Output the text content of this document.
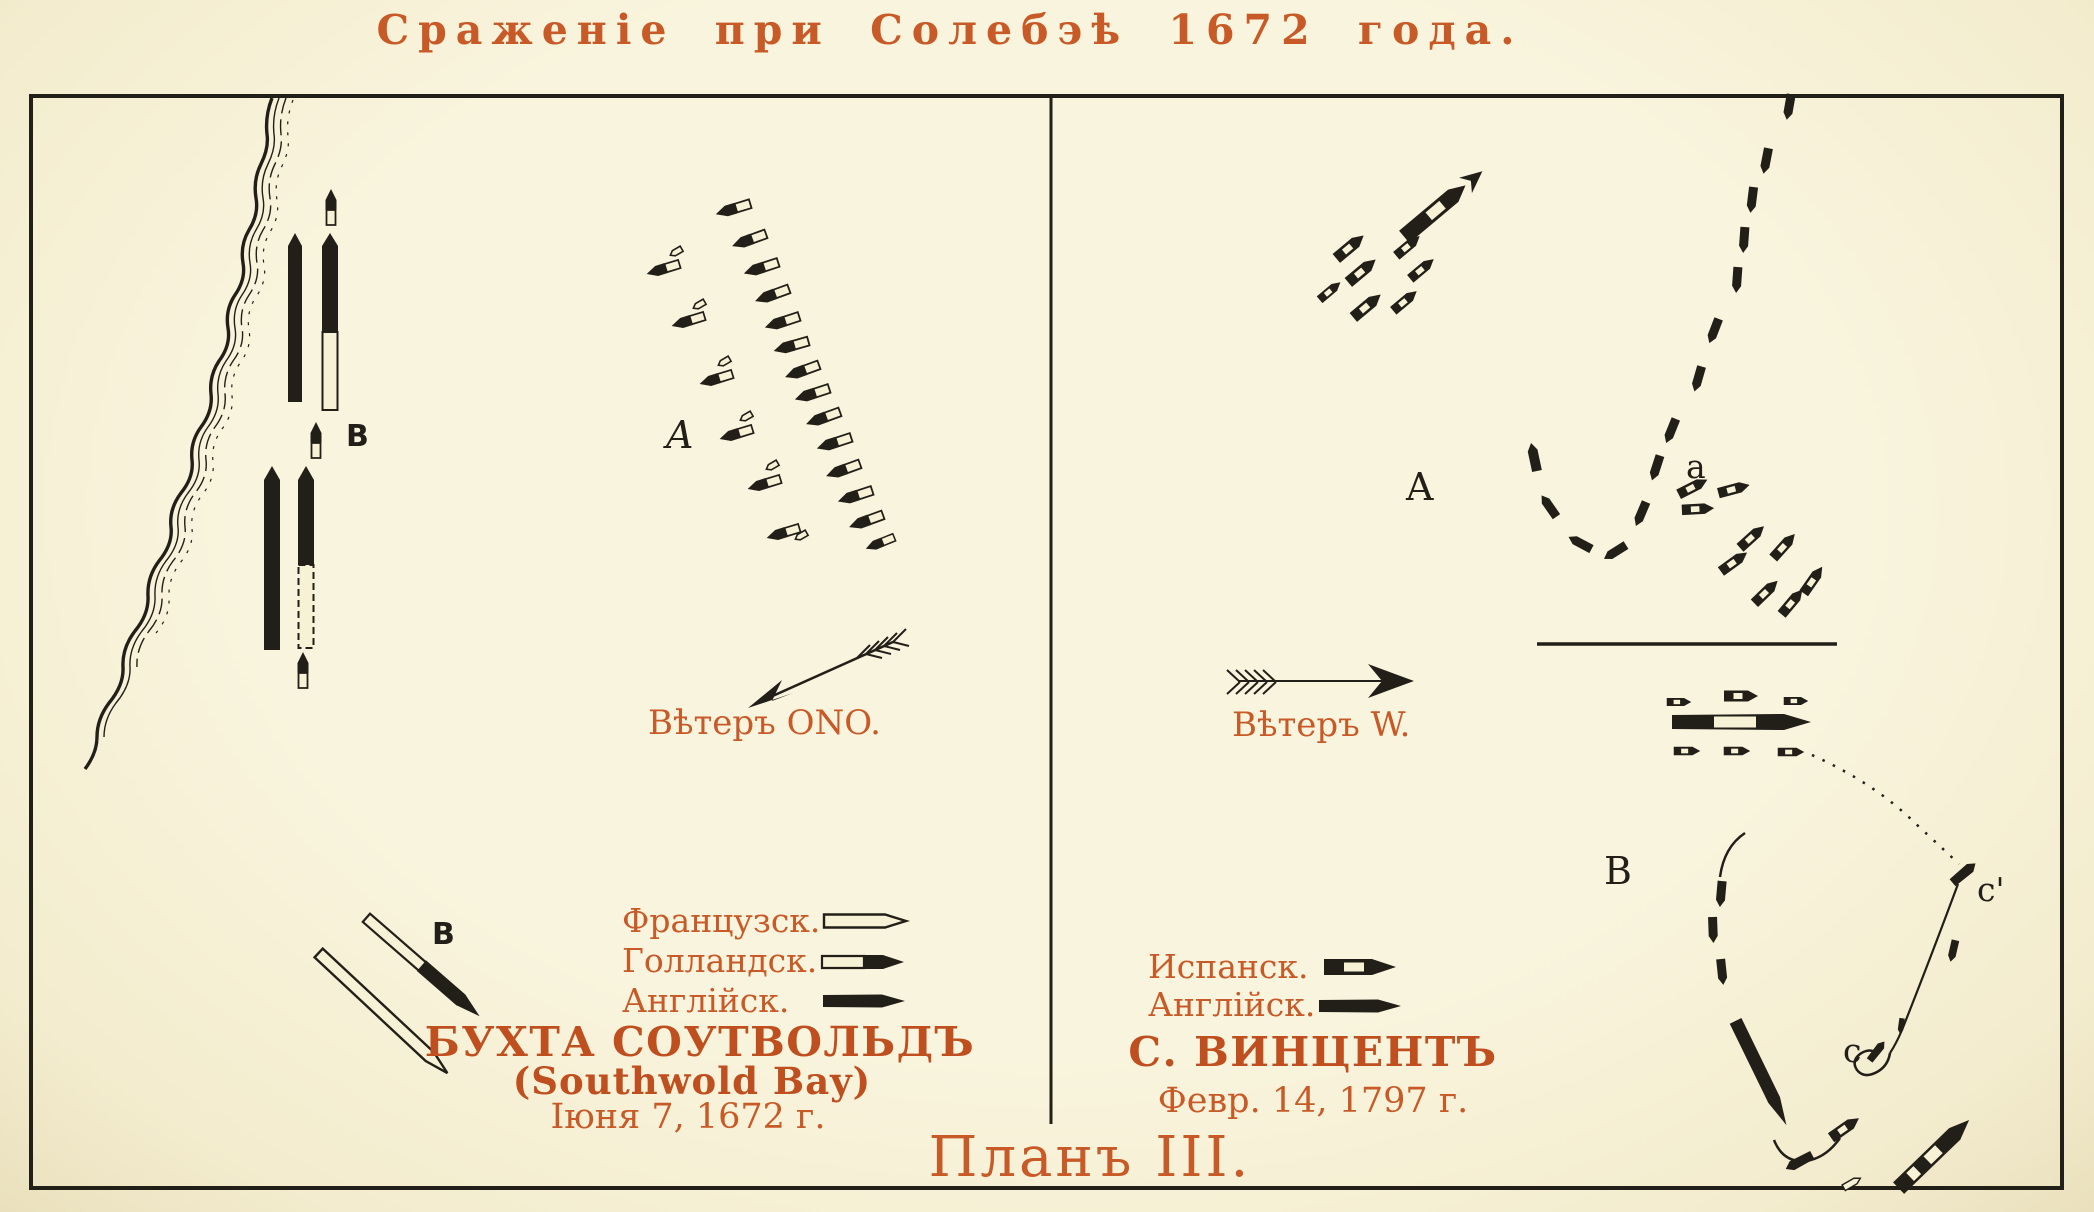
Сраженіе при Солебэѣ 1672 года.
B	A
Вѣтеръ ONO.
B	Французск.
Голландск.
Англійск.
БУХТА СОУТВОЛЬДЪ
(Southwold Bay)
Іюня 7, 1672 г.
A	a
B	c'
c
Вѣтеръ W.
Испанск.
Англійск.
С. ВИНЦЕНТЪ
Февр. 14, 1797 г.
Планъ III.
